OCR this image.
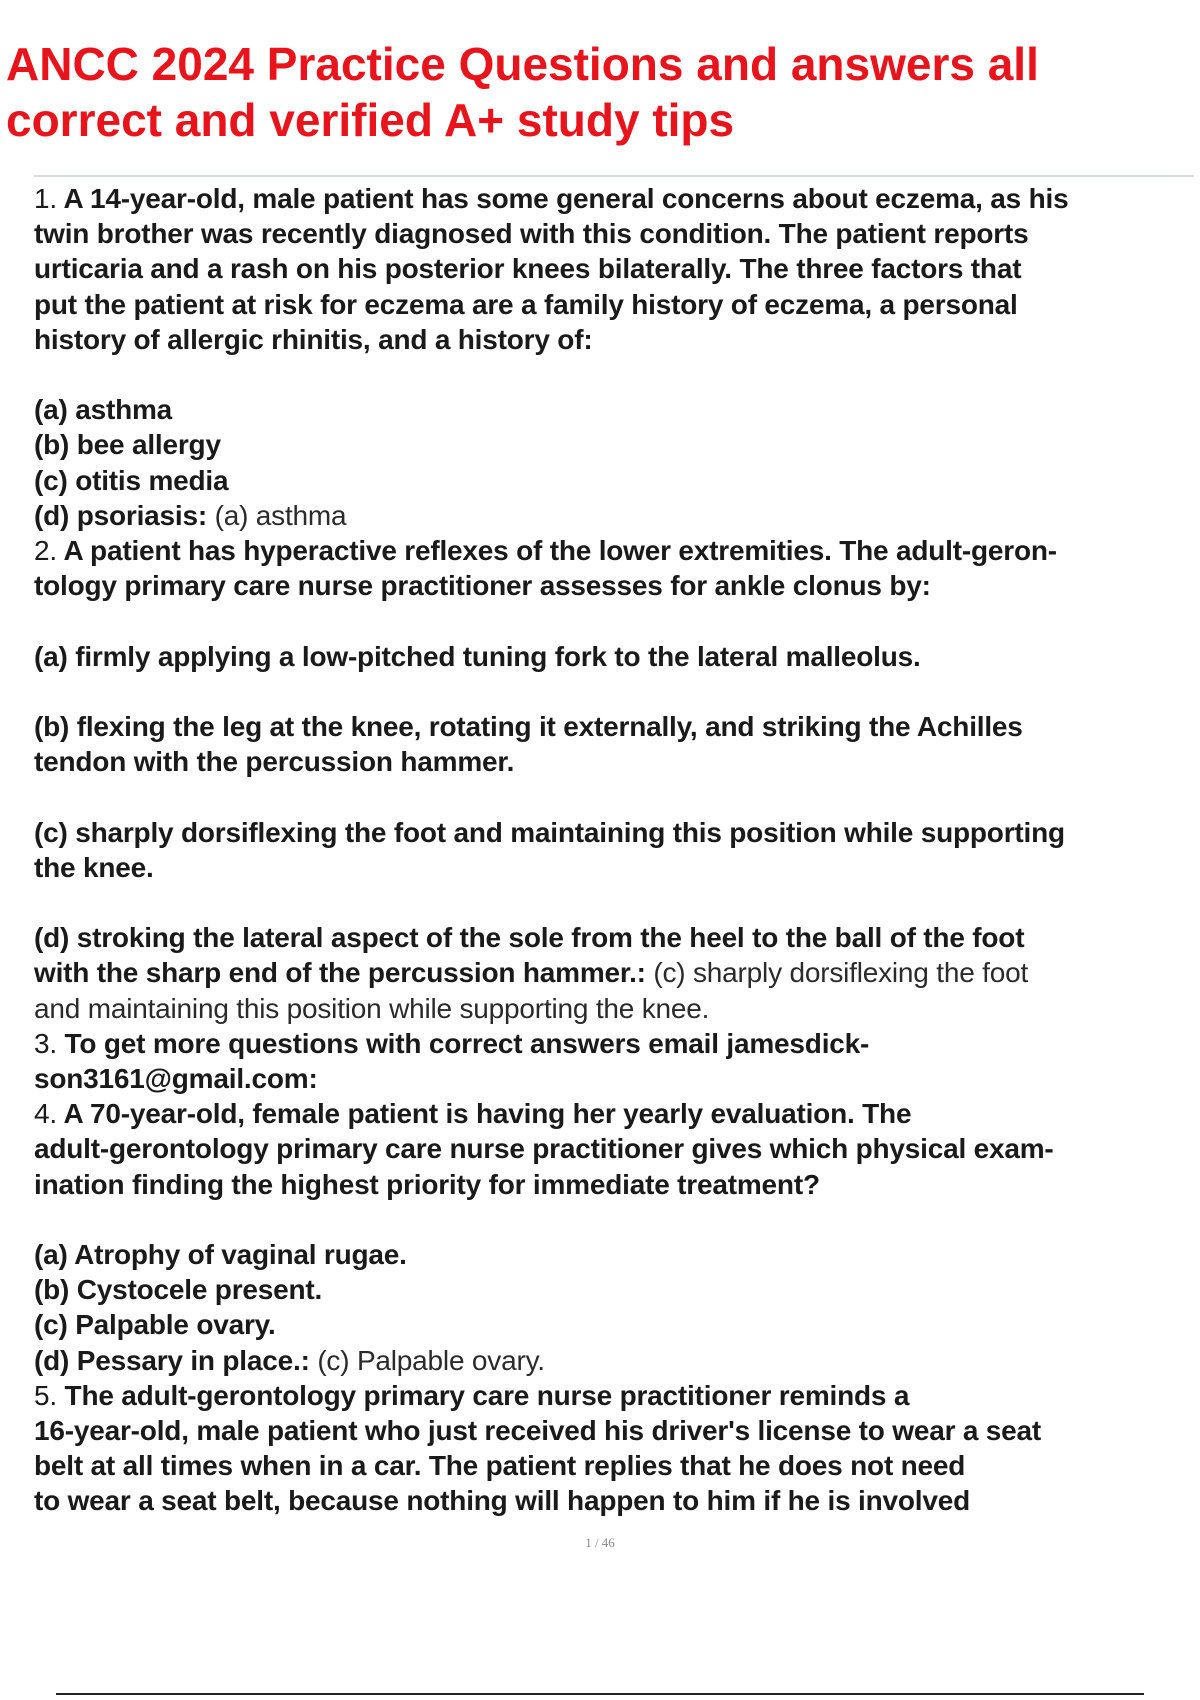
ANCC 2024 Practice Questions and answers all
correct and verified A+ study tips
1. A 14-year-old, male patient has some general concerns about eczema, as his
twin brother was recently diagnosed with this condition. The patient reports
urticaria and a rash on his posterior knees bilaterally. The three factors that
put the patient at risk for eczema are a family history of eczema, a personal
history of allergic rhinitis, and a history of:
(a) asthma
(b) bee allergy
(c) otitis media
(d) psoriasis: (a) asthma
2. A patient has hyperactive reflexes of the lower extremities. The adult-geron-
tology primary care nurse practitioner assesses for ankle clonus by:
(a) firmly applying a low-pitched tuning fork to the lateral malleolus.
(b) flexing the leg at the knee, rotating it externally, and striking the Achilles
tendon with the percussion hammer.
(c) sharply dorsiflexing the foot and maintaining this position while supporting
the knee.
(d) stroking the lateral aspect of the sole from the heel to the ball of the foot
with the sharp end of the percussion hammer.: (c) sharply dorsiflexing the foot
and maintaining this position while supporting the knee.
3. To get more questions with correct answers email jamesdick-
son3161@gmail.com:
4. A 70-year-old, female patient is having her yearly evaluation. The
adult-gerontology primary care nurse practitioner gives which physical exam-
ination finding the highest priority for immediate treatment?
(a) Atrophy of vaginal rugae.
(b) Cystocele present.
(c) Palpable ovary.
(d) Pessary in place.: (c) Palpable ovary.
5. The adult-gerontology primary care nurse practitioner reminds a
16-year-old, male patient who just received his driver's license to wear a seat
belt at all times when in a car. The patient replies that he does not need
to wear a seat belt, because nothing will happen to him if he is involved
1 / 46
